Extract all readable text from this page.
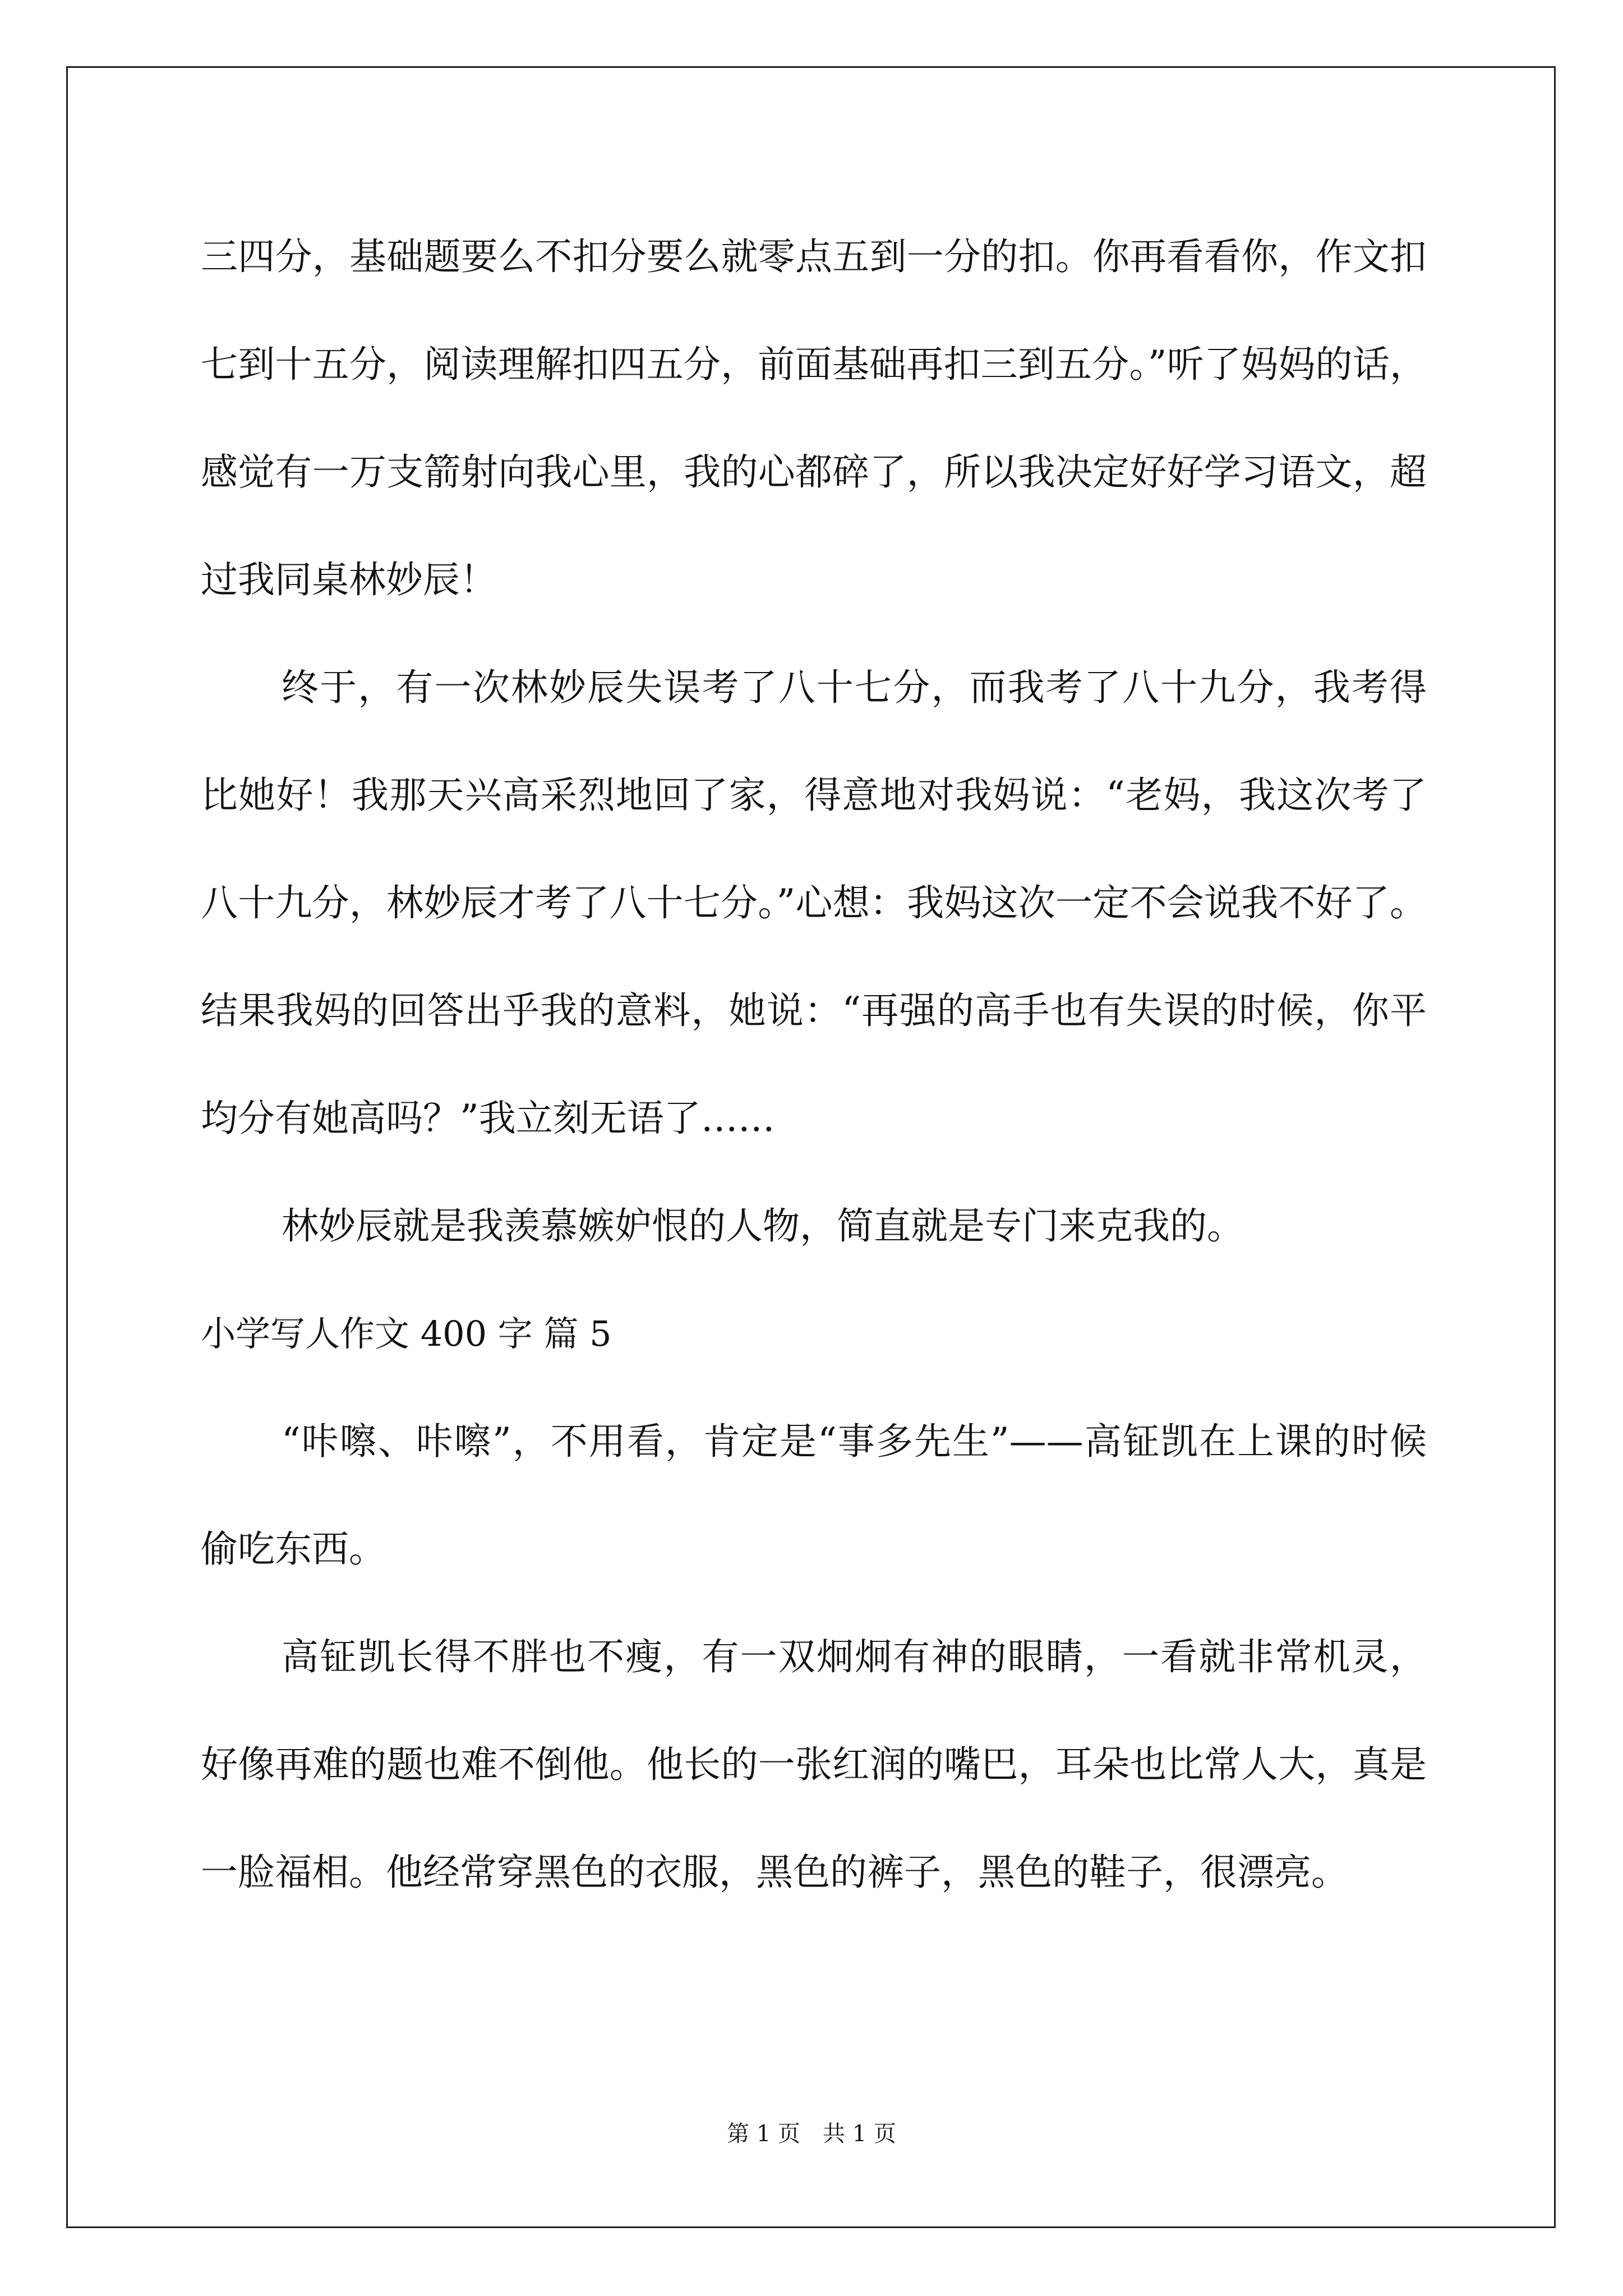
三四分，基础题要么不扣分要么就零点五到一分的扣。你再看看你，作文扣七到十五分，阅读理解扣四五分，前面基础再扣三到五分。”听了妈妈的话，感觉有一万支箭射向我心里，我的心都碎了，所以我决定好好学习语文，超过我同桌林妙辰！

终于，有一次林妙辰失误考了八十七分，而我考了八十九分，我考得比她好！我那天兴高采烈地回了家，得意地对我妈说：“老妈，我这次考了八十九分，林妙辰才考了八十七分。”心想：我妈这次一定不会说我不好了。结果我妈的回答出乎我的意料，她说：“再强的高手也有失误的时候，你平均分有她高吗？”我立刻无语了……

林妙辰就是我羡慕嫉妒恨的人物，简直就是专门来克我的。

小学写人作文 400 字 篇 5

“咔嚓、咔嚓”，不用看，肯定是“事多先生”——高钲凯在上课的时候偷吃东西。

高钲凯长得不胖也不瘦，有一双炯炯有神的眼睛，一看就非常机灵，好像再难的题也难不倒他。他长的一张红润的嘴巴，耳朵也比常人大，真是一脸福相。他经常穿黑色的衣服，黑色的裤子，黑色的鞋子，很漂亮。

第 1 页 共 1 页
